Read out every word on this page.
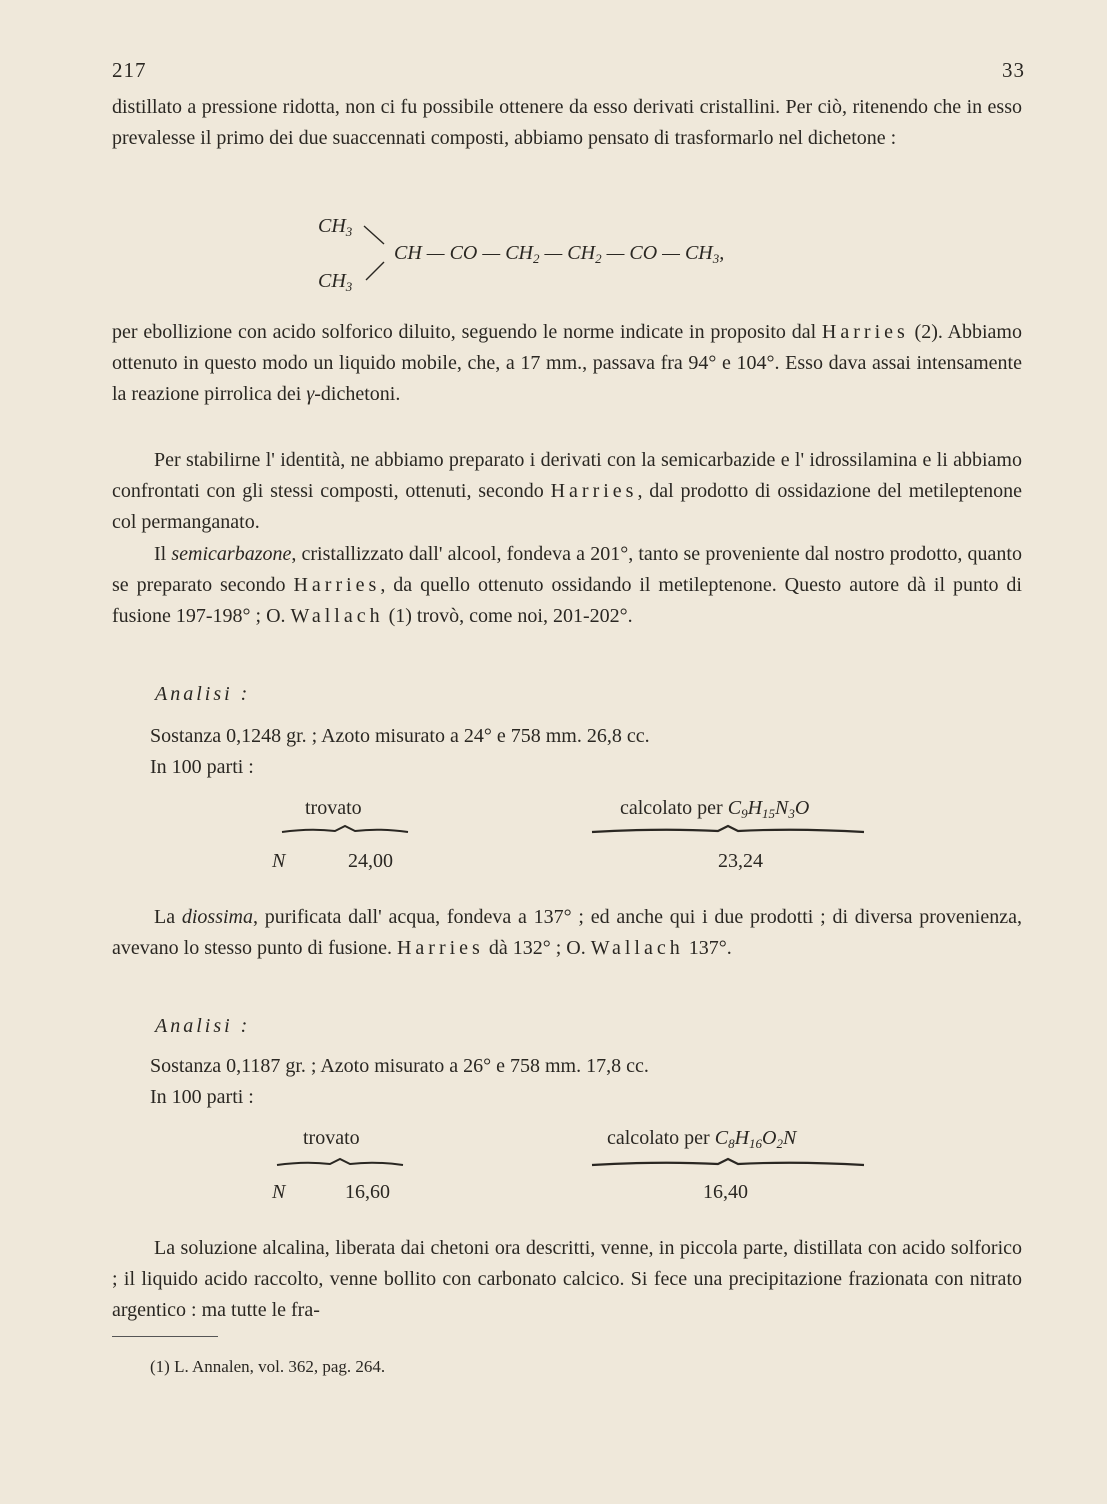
217	33

distillato a pressione ridotta, non ci fu possibile ottenere da esso derivati cristallini. Per ciò, ritenendo che in esso prevalesse il primo dei due suaccennati composti, abbiamo pensato di trasformarlo nel dichetone :

$CH_3$
$CH_3$
CH — CO — $CH_2$ — $CH_2$ — CO — $CH_3$,

per ebollizione con acido solforico diluito, seguendo le norme indicate in proposito dal Harries (2). Abbiamo ottenuto in questo modo un liquido mobile, che, a 17 mm., passava fra 94° e 104°. Esso dava assai intensamente la reazione pirrolica dei γ-dichetoni.

Per stabilirne l' identità, ne abbiamo preparato i derivati con la semicarbazide e l' idrossilamina e li abbiamo confrontati con gli stessi composti, ottenuti, secondo Harries, dal prodotto di ossidazione del metileptenone col permanganato.

Il semicarbazone, cristallizzato dall' alcool, fondeva a 201°, tanto se proveniente dal nostro prodotto, quanto se preparato secondo Harries, da quello ottenuto ossidando il metileptenone. Questo autore dà il punto di fusione 197-198° ; O. Wallach (1) trovò, come noi, 201-202°.

Analisi :
Sostanza 0,1248 gr. ; Azoto misurato a 24° e 758 mm. 26,8 cc.
In 100 parti :
trovato	calcolato per $C_9H_{15}N_3O$
N	24,00	23,24

La diossima, purificata dall' acqua, fondeva a 137° ; ed anche qui i due prodotti ; di diversa provenienza, avevano lo stesso punto di fusione. Harries dà 132° ; O. Wallach 137°.

Analisi :
Sostanza 0,1187 gr. ; Azoto misurato a 26° e 758 mm. 17,8 cc.
In 100 parti :
trovato	calcolato per $C_8H_{16}O_2N$
N	16,60	16,40

La soluzione alcalina, liberata dai chetoni ora descritti, venne, in piccola parte, distillata con acido solforico ; il liquido acido raccolto, venne bollito con carbonato calcico. Si fece una precipitazione frazionata con nitrato argentico : ma tutte le fra-

(1) L. Annalen, vol. 362, pag. 264.
